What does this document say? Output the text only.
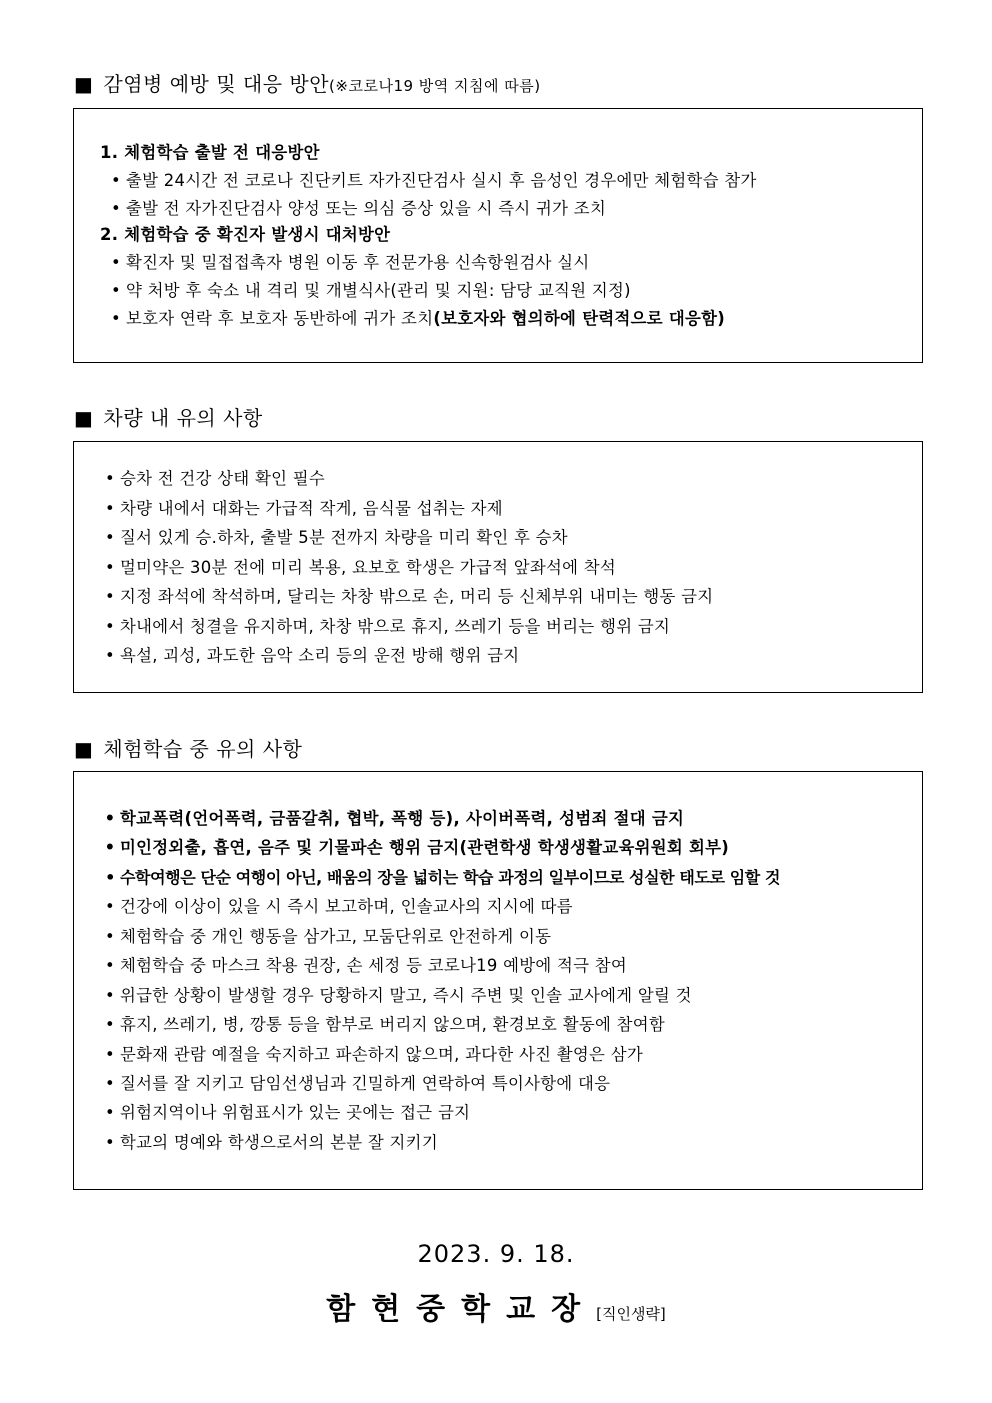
■ 감염병 예방 및 대응 방안 (※코로나19 방역 지침에 따름)
1. 체험학습 출발 전 대응방안
• 출발 24시간 전 코로나 진단키트 자가진단검사 실시 후 음성인 경우에만 체험학습 참가
• 출발 전 자가진단검사 양성 또는 의심 증상 있을 시 즉시 귀가 조치
2. 체험학습 중 확진자 발생시 대처방안
• 확진자 및 밀접접촉자 병원 이동 후 전문가용 신속항원검사 실시
• 약 처방 후 숙소 내 격리 및 개별식사(관리 및 지원: 담당 교직원 지정)
• 보호자 연락 후 보호자 동반하에 귀가 조치(보호자와 협의하에 탄력적으로 대응함)
■ 차량 내 유의 사항
• 승차 전 건강 상태 확인 필수
• 차량 내에서 대화는 가급적 작게, 음식물 섭취는 자제
• 질서 있게 승.하차, 출발 5분 전까지 차량을 미리 확인 후 승차
• 멀미약은 30분 전에 미리 복용, 요보호 학생은 가급적 앞좌석에 착석
• 지정 좌석에 착석하며, 달리는 차창 밖으로 손, 머리 등 신체부위 내미는 행동 금지
• 차내에서 청결을 유지하며, 차창 밖으로 휴지, 쓰레기 등을 버리는 행위 금지
• 욕설, 괴성, 과도한 음악 소리 등의 운전 방해 행위 금지
■ 체험학습 중 유의 사항
• 학교폭력(언어폭력, 금품갈취, 협박, 폭행 등), 사이버폭력, 성범죄 절대 금지
• 미인정외출, 흡연, 음주 및 기물파손 행위 금지(관련학생 학생생활교육위원회 회부)
• 수학여행은 단순 여행이 아닌, 배움의 장을 넓히는 학습 과정의 일부이므로 성실한 태도로 임할 것
• 건강에 이상이 있을 시 즉시 보고하며, 인솔교사의 지시에 따름
• 체험학습 중 개인 행동을 삼가고, 모둠단위로 안전하게 이동
• 체험학습 중 마스크 착용 권장, 손 세정 등 코로나19 예방에 적극 참여
• 위급한 상황이 발생할 경우 당황하지 말고, 즉시 주변 및 인솔 교사에게 알릴 것
• 휴지, 쓰레기, 병, 깡통 등을 함부로 버리지 않으며, 환경보호 활동에 참여함
• 문화재 관람 예절을 숙지하고 파손하지 않으며, 과다한 사진 촬영은 삼가
• 질서를 잘 지키고 담임선생님과 긴밀하게 연락하여 특이사항에 대응
• 위험지역이나 위험표시가 있는 곳에는 접근 금지
• 학교의 명예와 학생으로서의 본분 잘 지키기
2023. 9. 18.
함현중학교장[직인생략]
